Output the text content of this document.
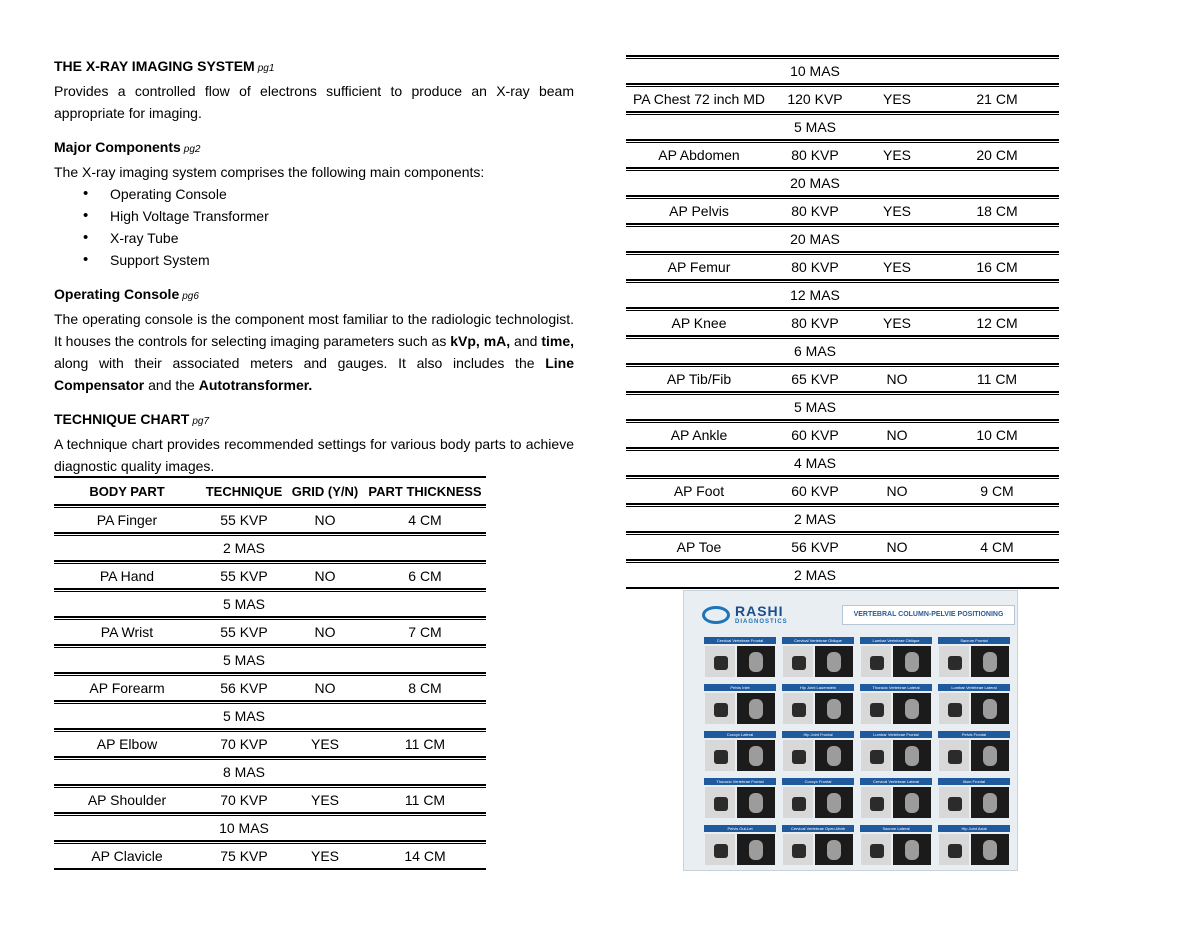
THE X-RAY IMAGING SYSTEM pg1
Provides a controlled flow of electrons sufficient to produce an X-ray beam appropriate for imaging.
Major Components pg2
The X-ray imaging system comprises the following main components:
• Operating Console
• High Voltage Transformer
• X-ray Tube
• Support System
Operating Console pg6
The operating console is the component most familiar to the radiologic technologist. It houses the controls for selecting imaging parameters such as kVp, mA, and time, along with their associated meters and gauges. It also includes the Line Compensator and the Autotransformer.
TECHNIQUE CHART pg7
A technique chart provides recommended settings for various body parts to achieve diagnostic quality images.
BODY PART	TECHNIQUE GRID (Y/N) PART THICKNESS
PA Finger	55 KVP	NO	4 CM
2 MAS
PA Hand	55 KVP	NO	6 CM
5 MAS
PA Wrist	55 KVP	NO	7 CM
5 MAS
AP Forearm	56 KVP	NO	8 CM
5 MAS
AP Elbow	70 KVP	YES	11 CM
8 MAS
AP Shoulder	70 KVP	YES	11 CM
10 MAS
AP Clavicle	75 KVP	YES	14 CM
10 MAS
PA Chest 72 inch MD	120 KVP	YES	21 CM
5 MAS
AP Abdomen	80 KVP	YES	20 CM
20 MAS
AP Pelvis	80 KVP	YES	18 CM
20 MAS
AP Femur	80 KVP	YES	16 CM
12 MAS
AP Knee	80 KVP	YES	12 CM
6 MAS
AP Tib/Fib	65 KVP	NO	11 CM
5 MAS
AP Ankle	60 KVP	NO	10 CM
4 MAS
AP Foot	60 KVP	NO	9 CM
2 MAS
AP Toe	56 KVP	NO	4 CM
2 MAS
RASHI
DIAGNOSTICS
VERTEBRAL COLUMN-PELVIE POSITIONING
Cervical Vertebrae Frontal	Cervical Vertebrae Oblique	Lumbar Vertebrae Oblique	Sacrum Frontal
Pelvis Inlet	Hip Joint Lauenstein	Thoracic Vertebrae Lateral	Lumbar Vertebrae Lateral
Coccyx Lateral	Hip Joint Frontal	Lumbar Vertebrae Frontal	Pelvis Frontal
Thoracic Vertebrae Frontal	Coccyx Frontal	Cervical Vertebrae Lateral	Ilium Frontal
Pelvis Out-Let	Cervical Vertebrae Open-Moth	Sacrum Lateral	Hip Joint Axial
